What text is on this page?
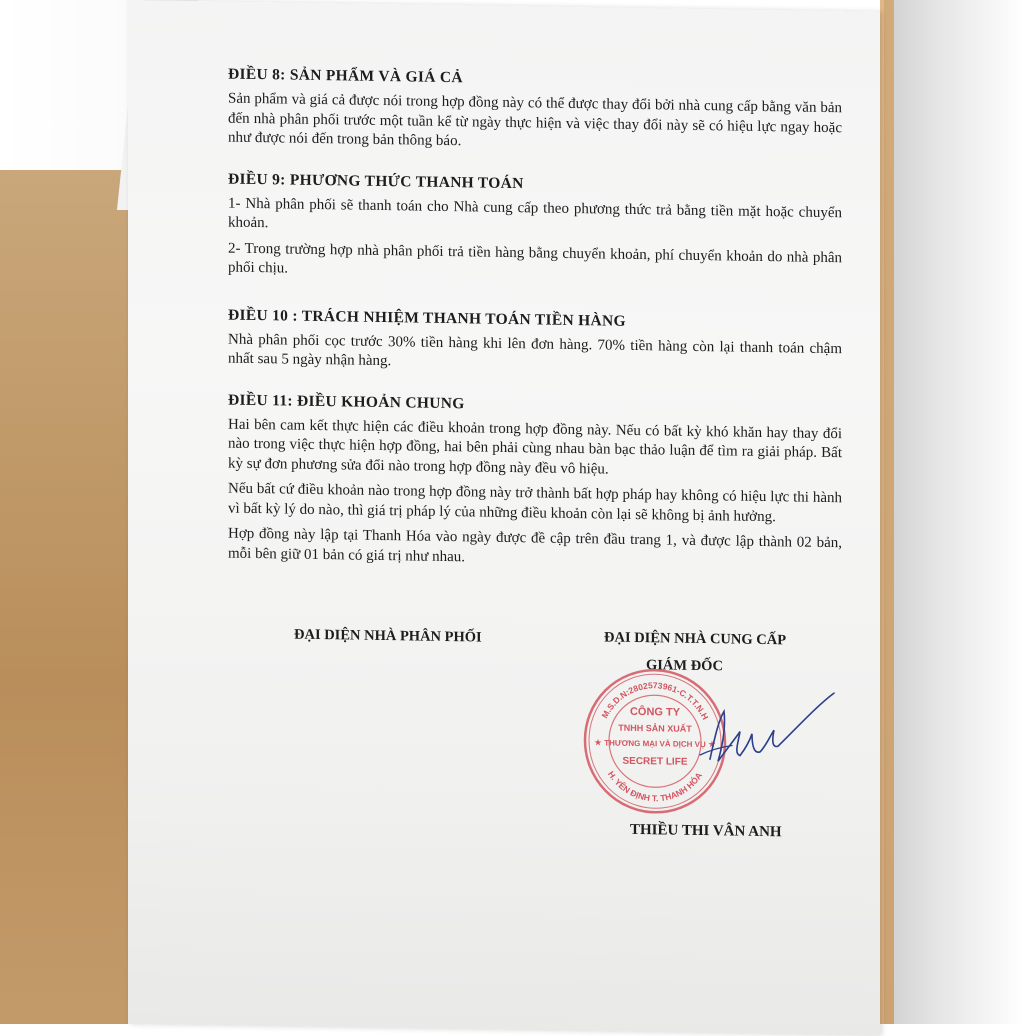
ĐIỀU 8: SẢN PHẨM VÀ GIÁ CẢ
Sản phẩm và giá cả được nói trong hợp đồng này có thể được thay đổi bởi nhà cung cấp bằng văn bản đến nhà phân phối trước một tuần kể từ ngày thực hiện và việc thay đổi này sẽ có hiệu lực ngay hoặc như được nói đến trong bản thông báo.
ĐIỀU 9: PHƯƠNG THỨC THANH TOÁN
1- Nhà phân phối sẽ thanh toán cho Nhà cung cấp theo phương thức trả bằng tiền mặt hoặc chuyển khoản.
2- Trong trường hợp nhà phân phối trả tiền hàng bằng chuyển khoản, phí chuyển khoản do nhà phân phối chịu.
ĐIỀU 10 : TRÁCH NHIỆM THANH TOÁN TIỀN HÀNG
Nhà phân phối cọc trước 30% tiền hàng khi lên đơn hàng. 70% tiền hàng còn lại thanh toán chậm nhất sau 5 ngày nhận hàng.
ĐIỀU 11: ĐIỀU KHOẢN CHUNG
Hai bên cam kết thực hiện các điều khoản trong hợp đồng này. Nếu có bất kỳ khó khăn hay thay đổi nào trong việc thực hiện hợp đồng, hai bên phải cùng nhau bàn bạc thảo luận để tìm ra giải pháp. Bất kỳ sự đơn phương sửa đổi nào trong hợp đồng này đều vô hiệu.
Nếu bất cứ điều khoản nào trong hợp đồng này trở thành bất hợp pháp hay không có hiệu lực thi hành vì bất kỳ lý do nào, thì giá trị pháp lý của những điều khoản còn lại sẽ không bị ảnh hưởng.
Hợp đồng này lập tại Thanh Hóa vào ngày được đề cập trên đầu trang 1, và được lập thành 02 bản, mỗi bên giữ 01 bản có giá trị như nhau.
ĐẠI DIỆN NHÀ PHÂN PHỐI	ĐẠI DIỆN NHÀ CUNG CẤP
GIÁM ĐỐC
M.S.D.N:2802573961-C.T.T.N.H
H. YÊN ĐỊNH T. THANH HÓA
★	★
CÔNG TY
TNHH SẢN XUẤT
THƯƠNG MẠI VÀ DỊCH VỤ
SECRET LIFE
THIỀU THI VÂN ANH
